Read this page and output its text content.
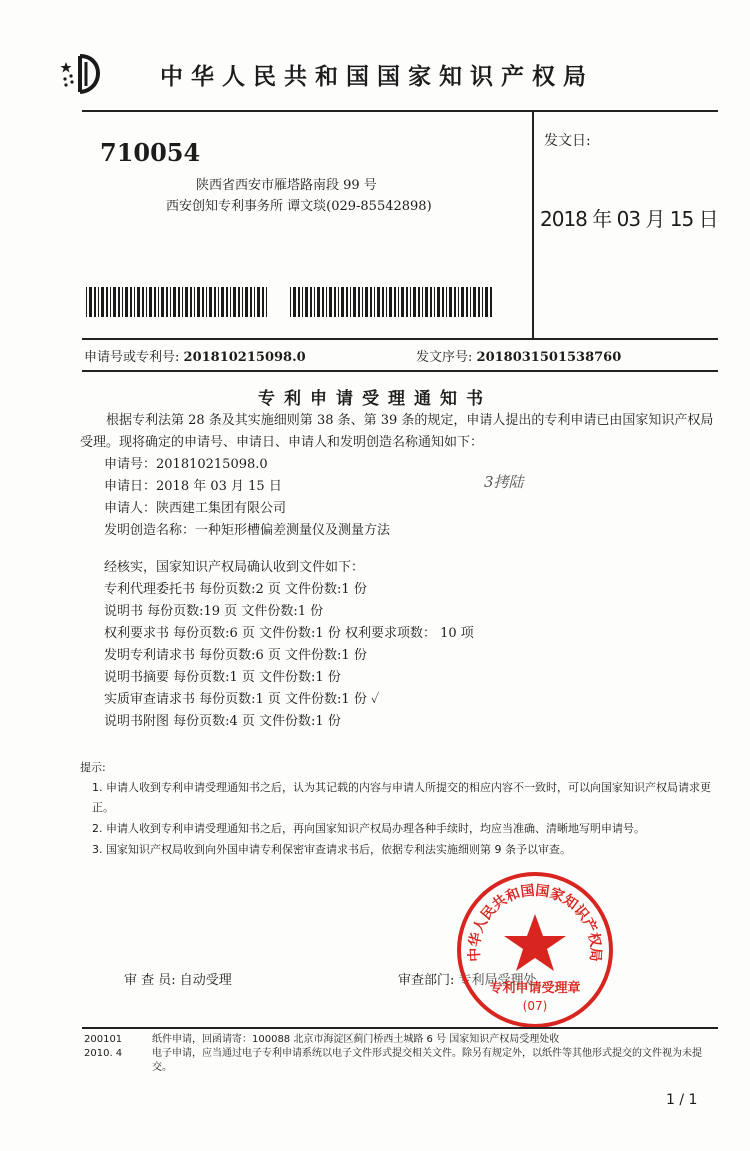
中华人民共和国国家知识产权局
710054
陕西省西安市雁塔路南段 99 号
西安创知专利事务所 谭文琰(029-85542898)
发文日:
2018 年 03 月 15 日
申请号或专利号: 201810215098.0	发文序号: 2018031501538760
专利申请受理通知书
根据专利法第 28 条及其实施细则第 38 条、第 39 条的规定，申请人提出的专利申请已由国家知识产权局受理。现将确定的申请号、申请日、申请人和发明创造名称通知如下：
申请号：201810215098.0
申请日：2018 年 03 月 15 日
申请人：陕西建工集团有限公司
发明创造名称：一种矩形槽偏差测量仪及测量方法
3拷陆
经核实，国家知识产权局确认收到文件如下：
专利代理委托书 每份页数:2 页 文件份数:1 份
说明书 每份页数:19 页 文件份数:1 份
权利要求书 每份页数:6 页 文件份数:1 份 权利要求项数： 10 项
发明专利请求书 每份页数:6 页 文件份数:1 份
说明书摘要 每份页数:1 页 文件份数:1 份
实质审查请求书 每份页数:1 页 文件份数:1 份 ✓
说明书附图 每份页数:4 页 文件份数:1 份
提示:
1. 申请人收到专利申请受理通知书之后，认为其记载的内容与申请人所提交的相应内容不一致时，可以向国家知识产权局请求更正。
2. 申请人收到专利申请受理通知书之后，再向国家知识产权局办理各种手续时，均应当准确、清晰地写明申请号。
3. 国家知识产权局收到向外国申请专利保密审查请求书后，依据专利法实施细则第 9 条予以审查。
审 查 员: 自动受理	审查部门: 专利局受理处
中华人民共和国国家知识产权局
专利申请受理章
(07)
200101
2010. 4
纸件申请，回函请寄：100088 北京市海淀区蓟门桥西土城路 6 号 国家知识产权局受理处收
电子申请，应当通过电子专利申请系统以电子文件形式提交相关文件。除另有规定外，以纸件等其他形式提交的文件视为未提交。
1 / 1
